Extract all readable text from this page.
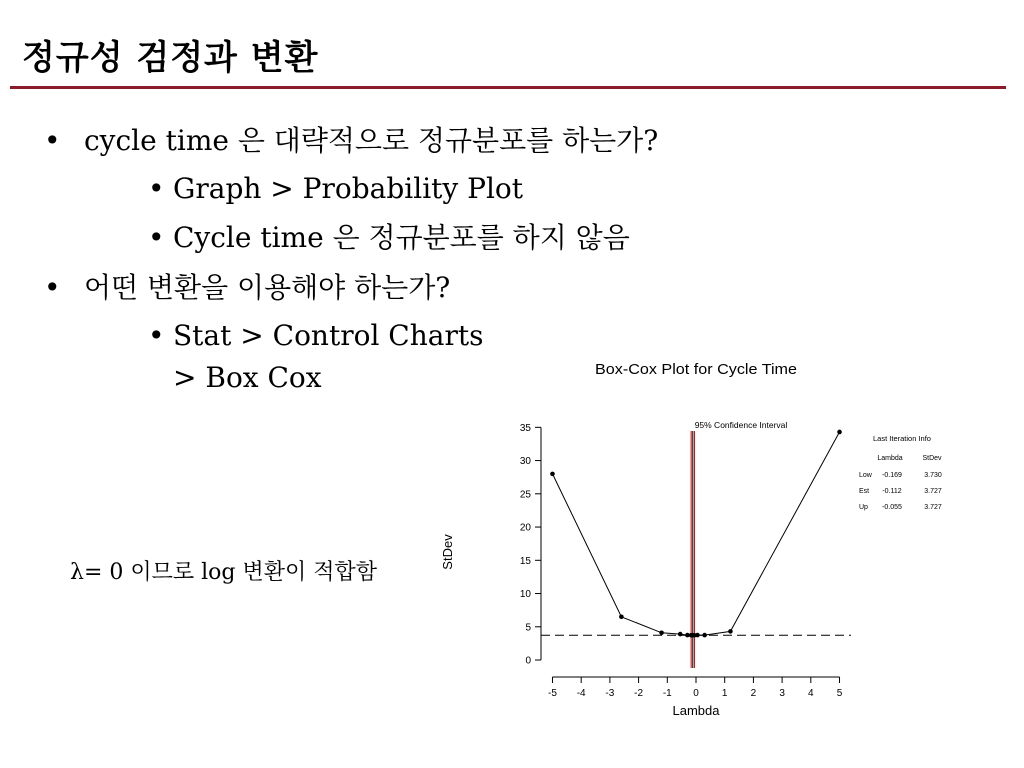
정규성 검정과 변환
• cycle time 은 대략적으로 정규분포를 하는가?
• Graph > Probability Plot
• Cycle time 은 정규분포를 하지 않음
• 어떤 변환을 이용해야 하는가?
• Stat > Control Charts
> Box Cox
λ= 0 이므로 log 변환이 적합함
Box-Cox Plot for Cycle Time
95% Confidence Interval
StDev
Lambda
0
5
10
15
20
25
30
35
-5 -4 -3 -2 -1 0 1 2 3 4 5
Last Iteration Info
Lambda	StDev
Low -0.169	3.730
Est -0.112	3.727
Up -0.055	3.727
